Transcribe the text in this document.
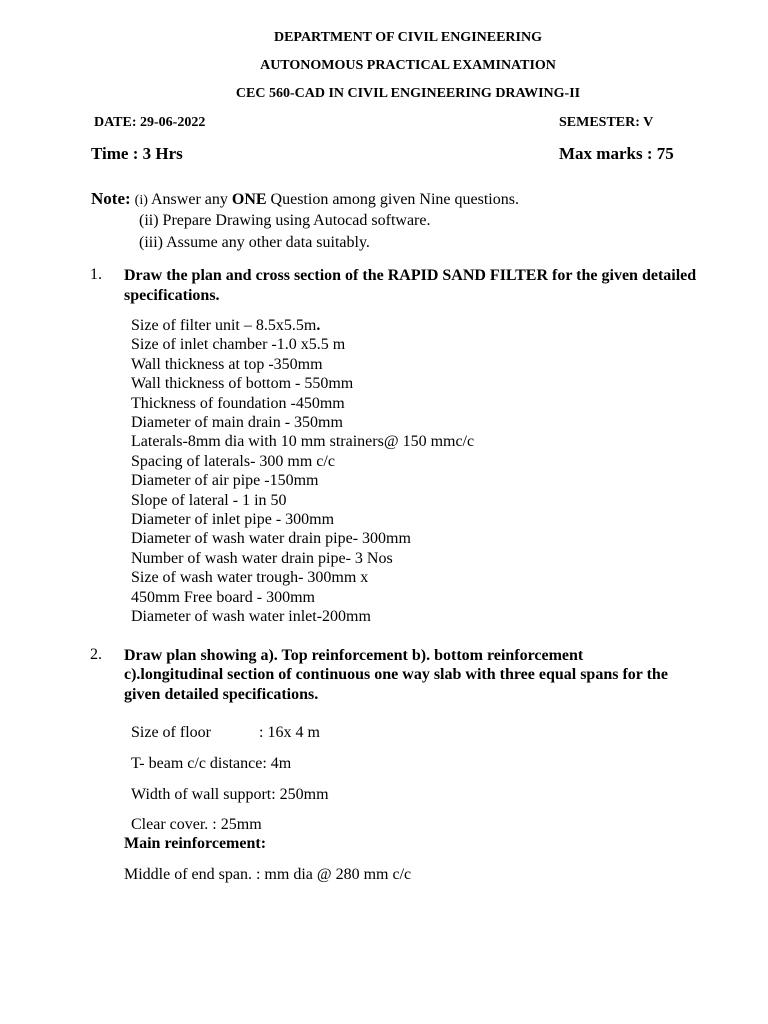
DEPARTMENT OF CIVIL ENGINEERING
AUTONOMOUS PRACTICAL EXAMINATION
CEC 560-CAD IN CIVIL ENGINEERING DRAWING-II
DATE: 29-06-2022	SEMESTER: V
Time : 3 Hrs	Max marks : 75
Note: (i) Answer any ONE Question among given Nine questions.
(ii) Prepare Drawing using Autocad software.
(iii) Assume any other data suitably.
1. Draw the plan and cross section of the RAPID SAND FILTER for the given detailed
specifications.
Size of filter unit – 8.5x5.5m.
Size of inlet chamber -1.0 x5.5 m
Wall thickness at top -350mm
Wall thickness of bottom - 550mm
Thickness of foundation -450mm
Diameter of main drain - 350mm
Laterals-8mm dia with 10 mm strainers@ 150 mmc/c
Spacing of laterals- 300 mm c/c
Diameter of air pipe -150mm
Slope of lateral - 1 in 50
Diameter of inlet pipe - 300mm
Diameter of wash water drain pipe- 300mm
Number of wash water drain pipe- 3 Nos
Size of wash water trough- 300mm x
450mm Free board - 300mm
Diameter of wash water inlet-200mm
2. Draw plan showing a). Top reinforcement b). bottom reinforcement
c).longitudinal section of continuous one way slab with three equal spans for the
given detailed specifications.
Size of floor	: 16x 4 m
T- beam c/c distance: 4m
Width of wall support: 250mm
Clear cover. : 25mm
Main reinforcement:
Middle of end span. : mm dia @ 280 mm c/c
